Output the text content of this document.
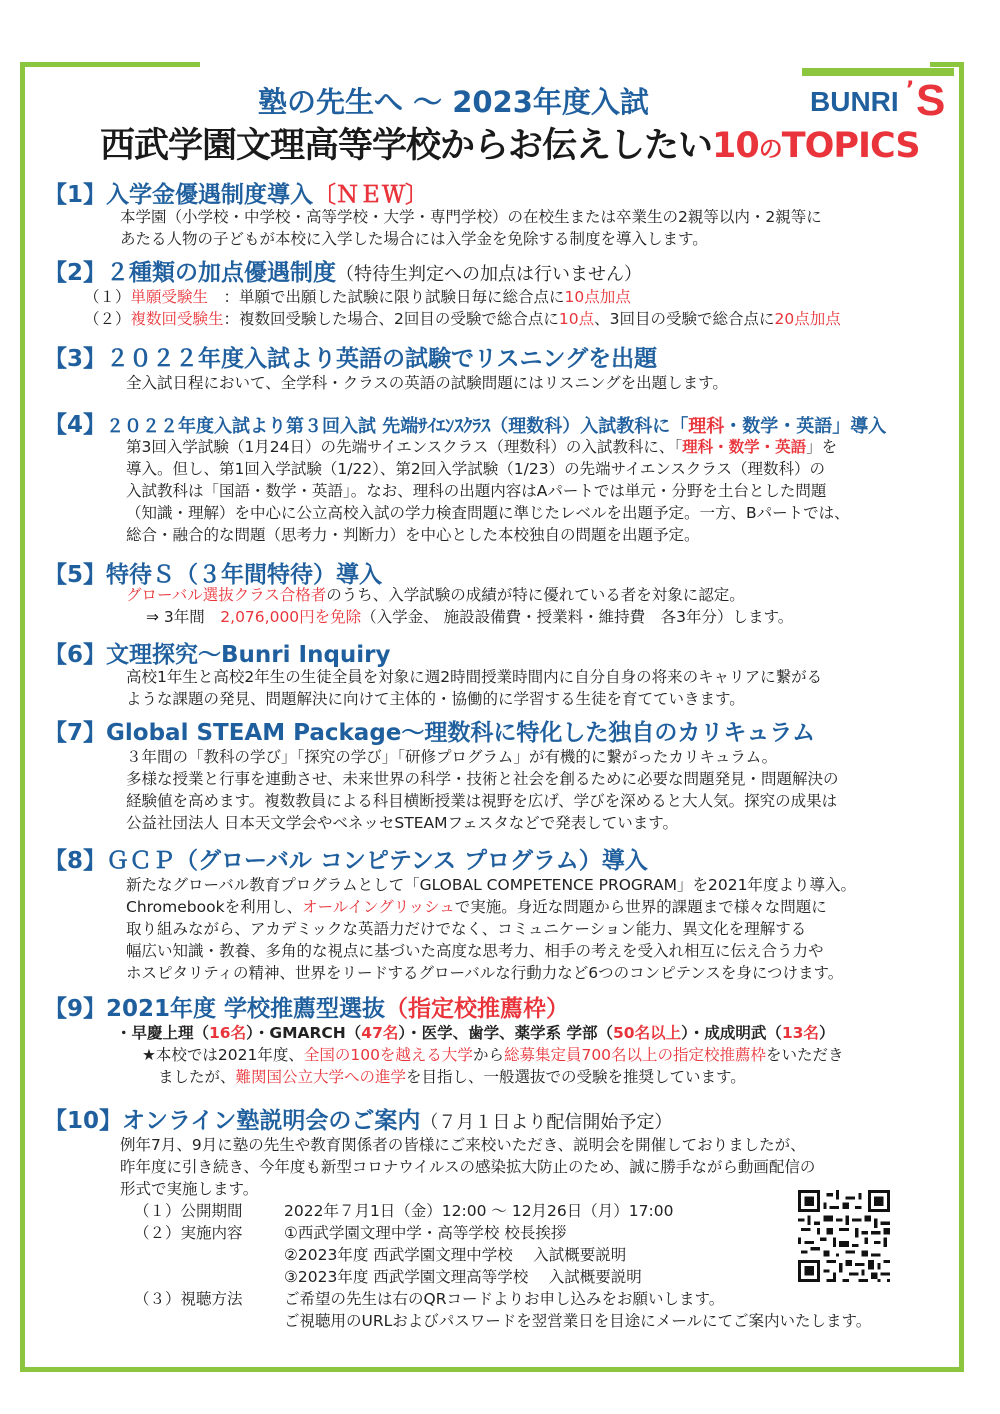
塾の先生へ ～ 2023年度入試
西武学園文理高等学校からお伝えしたい10のTOPICS
BUNRI ’ S
【1】入学金優遇制度導入〔ＮＥＷ〕
本学園（小学校・中学校・高等学校・大学・専門学校）の在校生または卒業生の2親等以内・2親等に
あたる人物の子どもが本校に入学した場合には入学金を免除する制度を導入します。
【2】２種類の加点優遇制度（特待生判定への加点は行いません）
（１）単願受験生　：単願で出願した試験に限り試験日毎に総合点に10点加点
（２）複数回受験生：複数回受験した場合、2回目の受験で総合点に10点、3回目の受験で総合点に20点加点
【3】２０２２年度入試より英語の試験でリスニングを出題
全入試日程において、全学科・クラスの英語の試験問題にはリスニングを出題します。
【4】２０２２年度入試より第３回入試 先端ｻｲｴﾝｽｸﾗｽ（理数科）入試教科に「理科・数学・英語」導入
第3回入学試験（1月24日）の先端サイエンスクラス（理数科）の入試教科に、「理科・数学・英語」を
導入。但し、第1回入学試験（1/22）、第2回入学試験（1/23）の先端サイエンスクラス（理数科）の
入試教科は「国語・数学・英語」。なお、理科の出題内容はAパートでは単元・分野を土台とした問題
（知識・理解）を中心に公立高校入試の学力検査問題に準じたレベルを出題予定。一方、Bパートでは、
総合・融合的な問題（思考力・判断力）を中心とした本校独自の問題を出題予定。
【5】特待Ｓ（３年間特待）導入
グローバル選抜クラス合格者のうち、入学試験の成績が特に優れている者を対象に認定。
⇒ 3年間　2,076,000円を免除（入学金、 施設設備費・授業料・維持費　各3年分）します。
【6】文理探究～Bunri Inquiry
高校1年生と高校2年生の生徒全員を対象に週2時間授業時間内に自分自身の将来のキャリアに繋がる
ような課題の発見、問題解決に向けて主体的・協働的に学習する生徒を育てていきます。
【7】Global STEAM Package～理数科に特化した独自のカリキュラム
３年間の「教科の学び」「探究の学び」「研修プログラム」が有機的に繋がったカリキュラム。
多様な授業と行事を連動させ、未来世界の科学・技術と社会を創るために必要な問題発見・問題解決の
経験値を高めます。複数教員による科目横断授業は視野を広げ、学びを深めると大人気。探究の成果は
公益社団法人 日本天文学会やベネッセSTEAMフェスタなどで発表しています。
【8】ＧＣＰ（グローバル コンピテンス プログラム）導入
新たなグローバル教育プログラムとして「GLOBAL COMPETENCE PROGRAM」を2021年度より導入。
Chromebookを利用し、オールイングリッシュで実施。身近な問題から世界的課題まで様々な問題に
取り組みながら、アカデミックな英語力だけでなく、コミュニケーション能力、異文化を理解する
幅広い知識・教養、多角的な視点に基づいた高度な思考力、相手の考えを受入れ相互に伝え合う力や
ホスピタリティの精神、世界をリードするグローバルな行動力など6つのコンピテンスを身につけます。
【9】2021年度 学校推薦型選抜（指定校推薦枠）
・早慶上理（16名）・GMARCH（47名）・医学、歯学、薬学系 学部（50名以上）・成成明武（13名）
★本校では2021年度、全国の100を越える大学から総募集定員700名以上の指定校推薦枠をいただき
ましたが、難関国公立大学への進学を目指し、一般選抜での受験を推奨しています。
【10】オンライン塾説明会のご案内（７月１日より配信開始予定）
例年7月、9月に塾の先生や教育関係者の皆様にご来校いただき、説明会を開催しておりましたが、
昨年度に引き続き、今年度も新型コロナウイルスの感染拡大防止のため、誠に勝手ながら動画配信の
形式で実施します。
（１）公開期間	2022年７月1日（金）12:00 ～ 12月26日（月）17:00
（２）実施内容	①西武学園文理中学・高等学校 校長挨拶
②2023年度 西武学園文理中学校　 入試概要説明
③2023年度 西武学園文理高等学校　 入試概要説明
（３）視聴方法	ご希望の先生は右のQRコードよりお申し込みをお願いします。
ご視聴用のURLおよびパスワードを翌営業日を目途にメールにてご案内いたします。
